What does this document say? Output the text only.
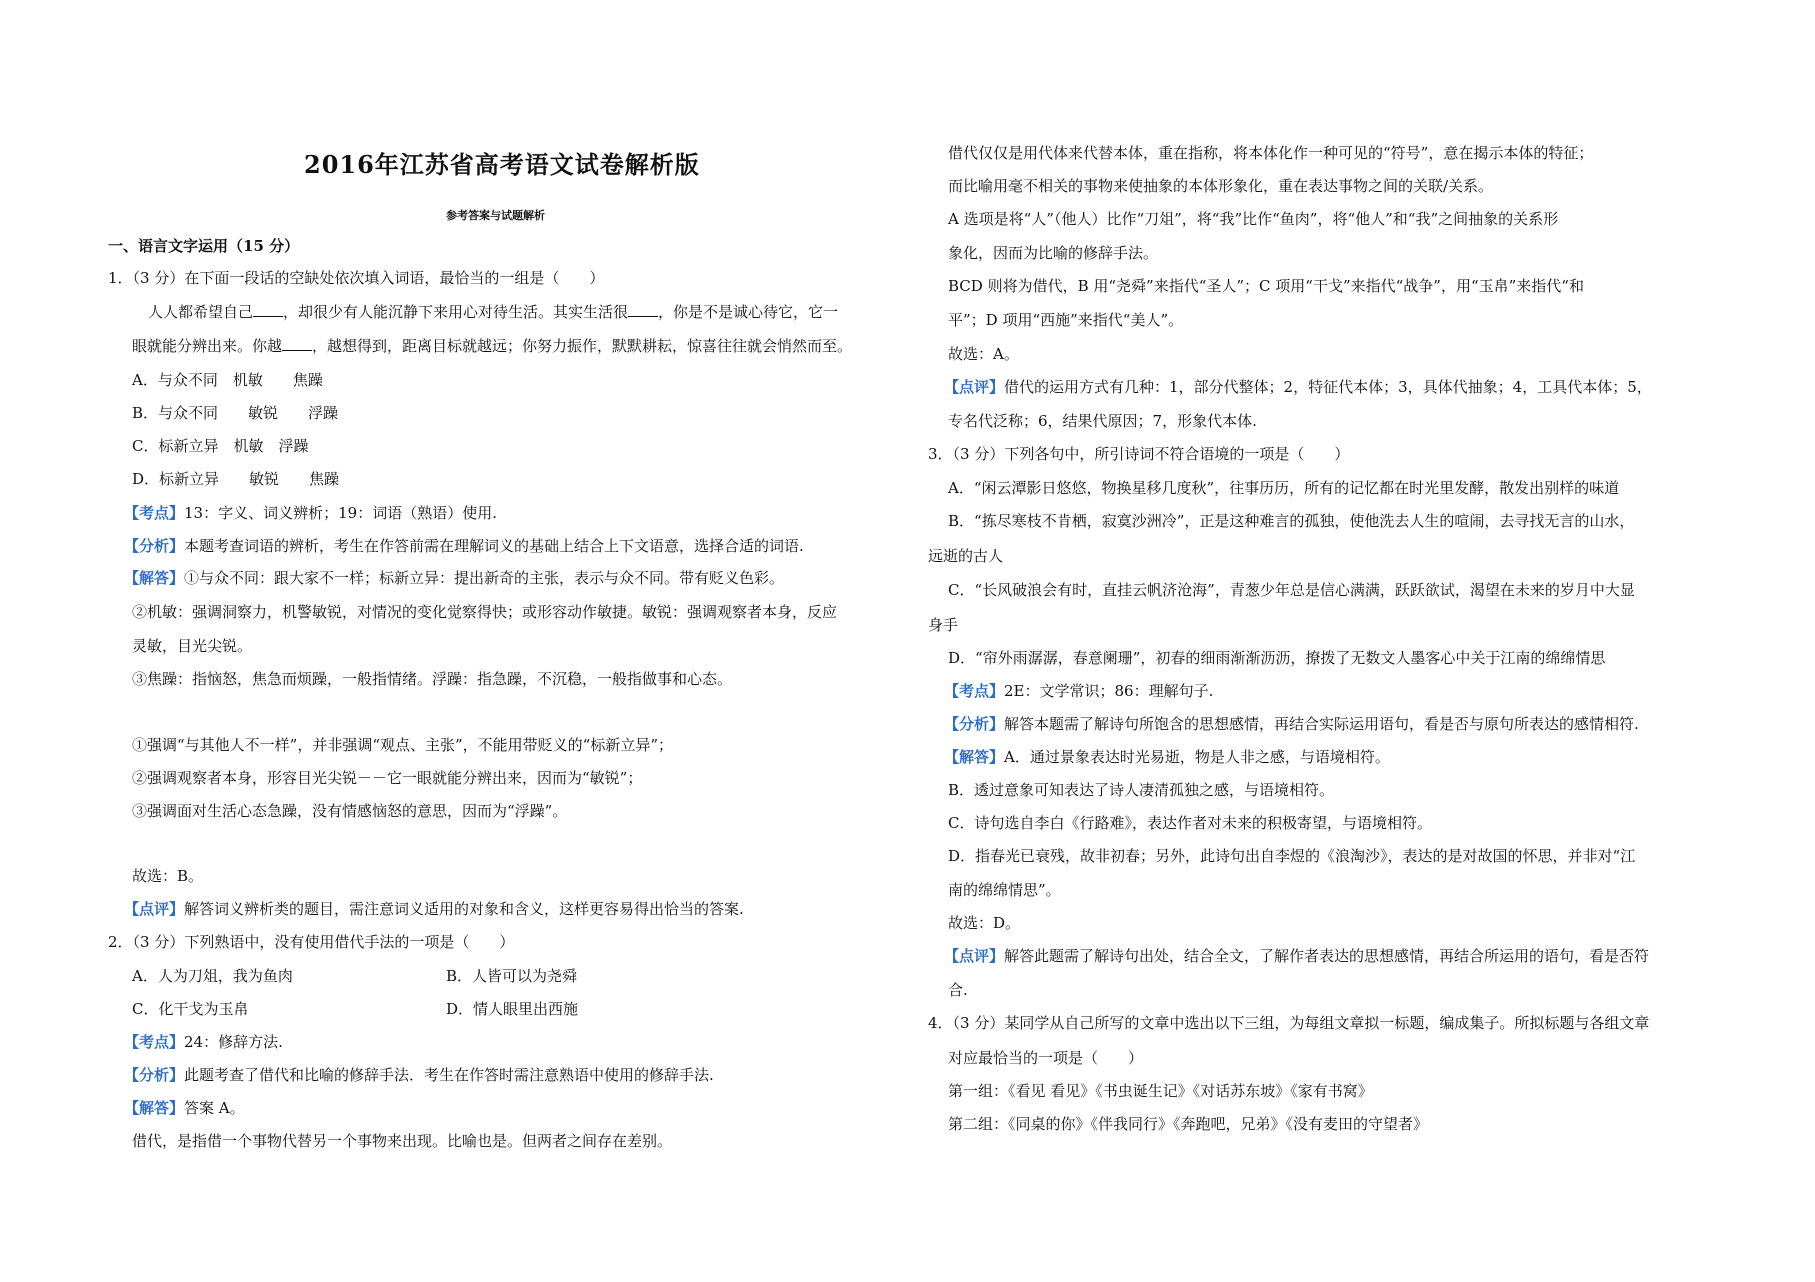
2016年江苏省高考语文试卷解析版
参考答案与试题解析
一、语言文字运用（15 分）
1．（3 分）在下面一段话的空缺处依次填入词语，最恰当的一组是（　　）
人人都希望自己 ，却很少有人能沉静下来用心对待生活。其实生活很 ，你是不是诚心待它，它一
眼就能分辨出来。你越 ，越想得到，距离目标就越远；你努力振作，默默耕耘，惊喜往往就会悄然而至。
A．与众不同　机敏　　焦躁
B．与众不同　　敏锐　　浮躁
C．标新立异　机敏　浮躁
D．标新立异　　敏锐　　焦躁
【考点】13：字义、词义辨析；19：词语（熟语）使用.
【分析】本题考查词语的辨析，考生在作答前需在理解词义的基础上结合上下文语意，选择合适的词语.
【解答】①与众不同：跟大家不一样；标新立异：提出新奇的主张，表示与众不同。带有贬义色彩。
②机敏：强调洞察力，机警敏锐，对情况的变化觉察得快；或形容动作敏捷。敏锐：强调观察者本身，反应
灵敏，目光尖锐。
③焦躁：指恼怒，焦急而烦躁，一般指情绪。浮躁：指急躁，不沉稳，一般指做事和心态。
①强调“与其他人不一样”，并非强调“观点、主张”，不能用带贬义的“标新立异”；
②强调观察者本身，形容目光尖锐－－它一眼就能分辨出来，因而为“敏锐”；
③强调面对生活心态急躁，没有情感恼怒的意思，因而为“浮躁”。
故选：B。
【点评】解答词义辨析类的题目，需注意词义适用的对象和含义，这样更容易得出恰当的答案.
2．（3 分）下列熟语中，没有使用借代手法的一项是（　　）
A．人为刀俎，我为鱼肉	B．人皆可以为尧舜
C．化干戈为玉帛	D．情人眼里出西施
【考点】24：修辞方法.
【分析】此题考查了借代和比喻的修辞手法．考生在作答时需注意熟语中使用的修辞手法.
【解答】答案 A。
借代，是指借一个事物代替另一个事物来出现。比喻也是。但两者之间存在差别。
借代仅仅是用代体来代替本体，重在指称，将本体化作一种可见的“符号”，意在揭示本体的特征；
而比喻用毫不相关的事物来使抽象的本体形象化，重在表达事物之间的关联/关系。
A 选项是将“人”（他人）比作“刀俎”，将“我”比作“鱼肉”，将“他人”和“我”之间抽象的关系形
象化，因而为比喻的修辞手法。
BCD 则将为借代，B 用“尧舜”来指代“圣人”；C 项用“干戈”来指代“战争”，用“玉帛”来指代“和
平”；D 项用“西施”来指代“美人”。
故选：A。
【点评】借代的运用方式有几种：1，部分代整体；2，特征代本体；3，具体代抽象；4，工具代本体；5，
专名代泛称；6，结果代原因；7，形象代本体.
3．（3 分）下列各句中，所引诗词不符合语境的一项是（　　）
A．“闲云潭影日悠悠，物换星移几度秋”，往事历历，所有的记忆都在时光里发酵，散发出别样的味道
B．“拣尽寒枝不肯栖，寂寞沙洲冷”，正是这种难言的孤独，使他洗去人生的喧闹，去寻找无言的山水，
远逝的古人
C．“长风破浪会有时，直挂云帆济沧海”，青葱少年总是信心满满，跃跃欲试，渴望在未来的岁月中大显
身手
D．“帘外雨潺潺，春意阑珊”，初春的细雨渐渐沥沥，撩拨了无数文人墨客心中关于江南的绵绵情思
【考点】2E：文学常识；86：理解句子.
【分析】解答本题需了解诗句所饱含的思想感情，再结合实际运用语句，看是否与原句所表达的感情相符.
【解答】A．通过景象表达时光易逝，物是人非之感，与语境相符。
B．透过意象可知表达了诗人凄清孤独之感，与语境相符。
C．诗句选自李白《行路难》，表达作者对未来的积极寄望，与语境相符。
D．指春光已衰残，故非初春；另外，此诗句出自李煜的《浪淘沙》，表达的是对故国的怀思，并非对“江
南的绵绵情思”。
故选：D。
【点评】解答此题需了解诗句出处，结合全文，了解作者表达的思想感情，再结合所运用的语句，看是否符
合.
4．（3 分）某同学从自己所写的文章中选出以下三组，为每组文章拟一标题，编成集子。所拟标题与各组文章
对应最恰当的一项是（　　）
第一组：《看见 看见》《书虫诞生记》《对话苏东坡》《家有书窝》
第二组：《同桌的你》《伴我同行》《奔跑吧，兄弟》《没有麦田的守望者》
